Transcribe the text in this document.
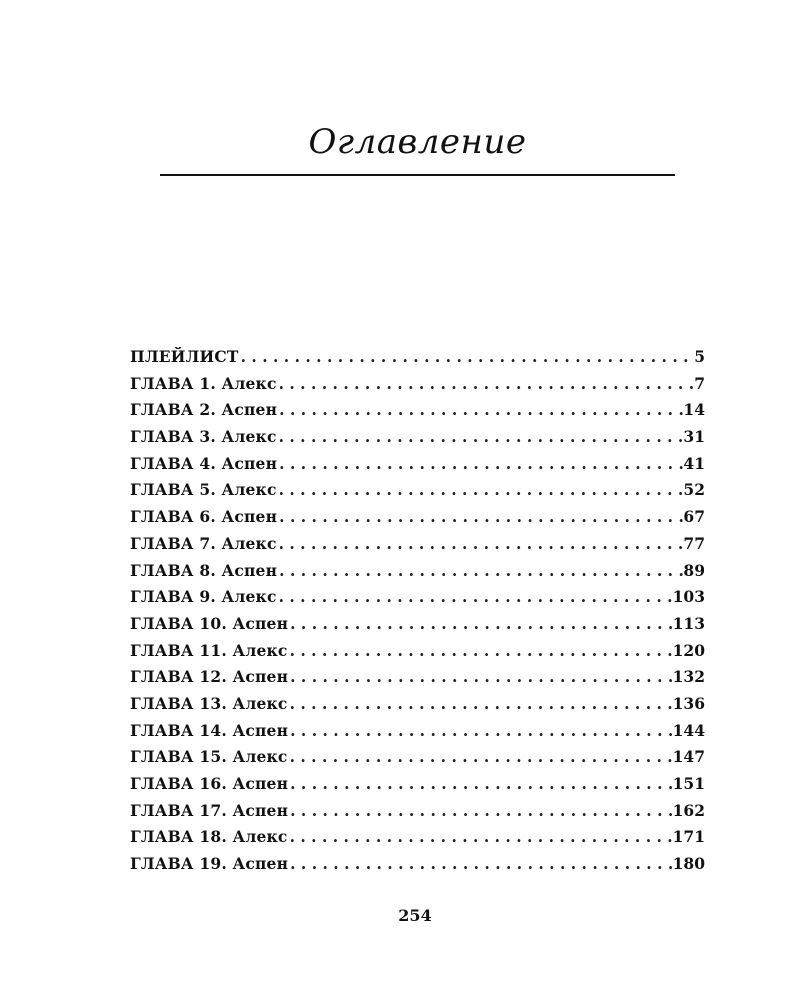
Оглавление
ПЛЕЙЛИСТ . . .	5
ГЛАВА 1. Алекс . . .	7
ГЛАВА 2. Аспен . . .	14
ГЛАВА 3. Алекс . . .	31
ГЛАВА 4. Аспен . . .	41
ГЛАВА 5. Алекс . . .	52
ГЛАВА 6. Аспен . . .	67
ГЛАВА 7. Алекс . . .	77
ГЛАВА 8. Аспен . . .	89
ГЛАВА 9. Алекс . . .	103
ГЛАВА 10. Аспен . . .	113
ГЛАВА 11. Алекс . . .	120
ГЛАВА 12. Аспен . . .	132
ГЛАВА 13. Алекс . . .	136
ГЛАВА 14. Аспен . . .	144
ГЛАВА 15. Алекс . . .	147
ГЛАВА 16. Аспен . . .	151
ГЛАВА 17. Аспен . . .	162
ГЛАВА 18. Алекс . . .	171
ГЛАВА 19. Аспен . . .	180
254
